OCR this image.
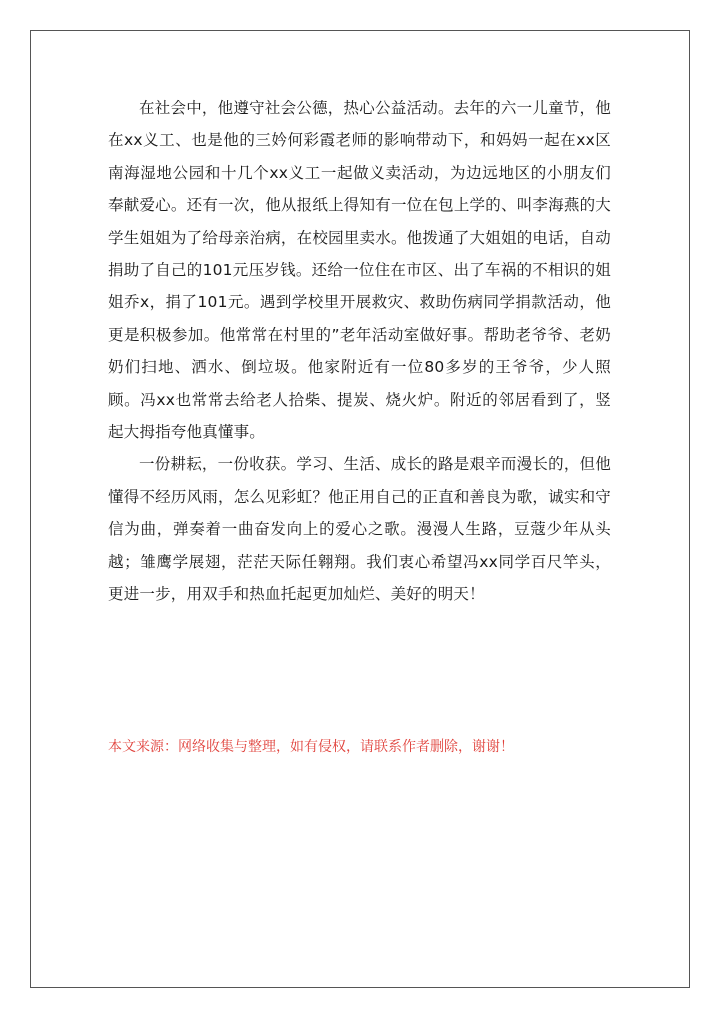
在社会中，他遵守社会公德，热心公益活动。去年的六一儿童节，他在xx义工、也是他的三妗何彩霞老师的影响带动下，和妈妈一起在xx区南海湿地公园和十几个xx义工一起做义卖活动，为边远地区的小朋友们奉献爱心。还有一次，他从报纸上得知有一位在包上学的、叫李海燕的大学生姐姐为了给母亲治病，在校园里卖水。他拨通了大姐姐的电话，自动捐助了自己的101元压岁钱。还给一位住在市区、出了车祸的不相识的姐姐乔x，捐了101元。遇到学校里开展救灾、救助伤病同学捐款活动，他更是积极参加。他常常在村里的”老年活动室做好事。帮助老爷爷、老奶奶们扫地、洒水、倒垃圾。他家附近有一位80多岁的王爷爷，少人照顾。冯xx也常常去给老人拾柴、提炭、烧火炉。附近的邻居看到了，竖起大拇指夸他真懂事。

一份耕耘，一份收获。学习、生活、成长的路是艰辛而漫长的，但他懂得不经历风雨，怎么见彩虹？他正用自己的正直和善良为歌，诚实和守信为曲，弹奏着一曲奋发向上的爱心之歌。漫漫人生路，豆蔻少年从头越；雏鹰学展翅，茫茫天际任翱翔。我们衷心希望冯xx同学百尺竿头，更进一步，用双手和热血托起更加灿烂、美好的明天！

本文来源：网络收集与整理，如有侵权，请联系作者删除，谢谢！
